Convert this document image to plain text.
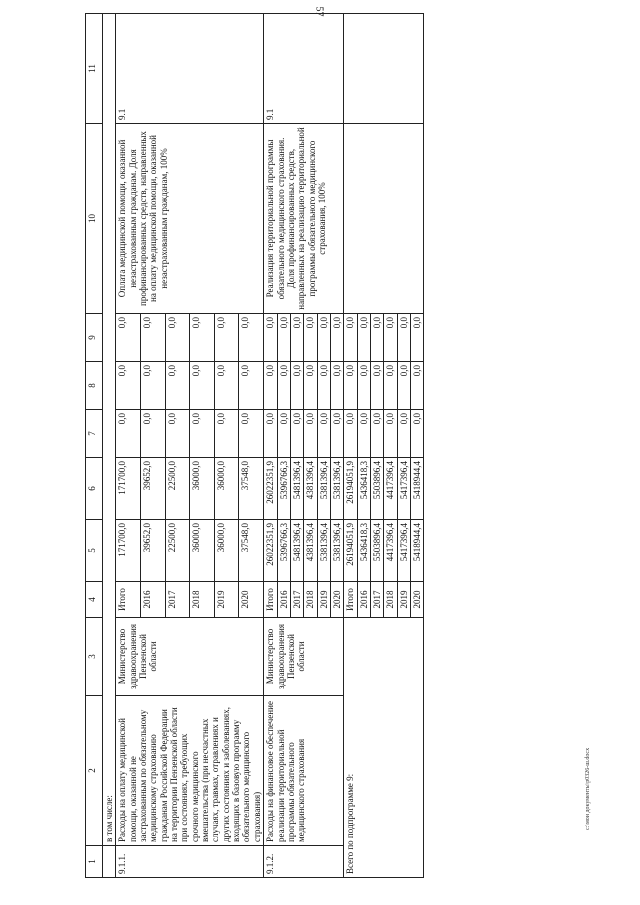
57
1	2	3	4	5	6	7	8	9	10	11
	в том числе:									
9.1.1.	Расходы на оплату медицинской помощи, оказанной не застрахованным по обязательному медицинскому страхованию гражданам Российской Федерации на территории Пензенской области при состояниях, требующих срочного медицинского вмешательства (при несчастных случаях, травмах, отравлениях и других состояниях и заболеваниях, входящих в базовую программу обязательного медицинского страхования)	Министерство здравоохранения Пензенской области	Итого	171700,0	171700,0	0,0	0,0	0,0	Оплата медицинской помощи, оказанной незастрахованным гражданам. Доля профинансированных средств, направленных на оплату медицинской помощи, оказанной незастрахованным гражданам, 100%	9.1
			2016	39652,0	39652,0	0,0	0,0	0,0		
			2017	22500,0	22500,0	0,0	0,0	0,0		
			2018	36000,0	36000,0	0,0	0,0	0,0		
			2019	36000,0	36000,0	0,0	0,0	0,0		
			2020	37548,0	37548,0	0,0	0,0	0,0		
9.1.2.	Расходы на финансовое обеспечение реализации территориальной программы обязательного медицинского страхования	Министерство здравоохранения Пензенской области	Итого	26022351,9	26022351,9	0,0	0,0	0,0	Реализация территориальной программы обязательного медицинского страхования. Доля профинансированных средств, направленных на реализацию территориальной программы обязательного медицинского страхования, 100%	9.1
			2016	5396766,3	5396766,3	0,0	0,0	0,0		
			2017	5481396,4	5481396,4	0,0	0,0	0,0		
			2018	4381396,4	4381396,4	0,0	0,0	0,0		
			2019	5381396,4	5381396,4	0,0	0,0	0,0		
			2020	5381396,4	5381396,4	0,0	0,0	0,0		
Всего по подпрограмме 9:			Итого	26194051,9	26194051,9	0,0	0,0	0,0		
			2016	5436418,3	5436418,3	0,0	0,0	0,0		
			2017	5503896,4	5503896,4	0,0	0,0	0,0		
			2018	4417396,4	4417396,4	0,0	0,0	0,0		
			2019	5417396,4	5417396,4	0,0	0,0	0,0		
			2020	5418944,4	5418944,4	0,0	0,0	0,0		
c:\мои документы\p0326-ш.docx
